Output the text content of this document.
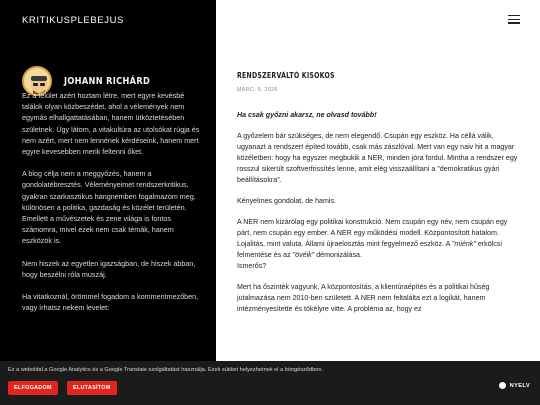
KRITIKUSPLEBEJUS
JOHANN RICHÁRD

Ez a felület azért hoztam létre, mert egyre kevésbé találok olyan közbeszédet, ahol a vélemények nem egymás elhallgattatásában, hanem ütköztetésében születnek. Úgy látom, a vitakultúra az utolsókat rúgja és nem azért, mert nem lennének kérdéseink, hanem mert egyre kevesebben merik feltenni őket.

A blog célja nem a meggyőzés, hanem a gondolatébresztés. Véleményeimet rendszerkritikus, gyakran szarkasztikus hangnemben fogalmazom meg, különösen a politika, gazdaság és közélet területén. Emellett a művészetek és zene világa is fontos számomra, mivel ezek nem csak témák, hanem eszközök is.

Nem hiszek az egyetlen igazságban, de hiszek abban, hogy beszélni róla muszáj.

Ha vitatkoznál, örömmel fogadom a kommentmezőben, vagy írhatsz nekem levelet:

RENDSZERVÁLTÓ KISOKOS
MÁRC. 5, 2026

Ha csak győzni akarsz, ne olvasd tovább!

A győzelem bár szükséges, de nem elegendő. Csupán egy eszköz. Ha céllá válik, ugyanazt a rendszert építed tovább, csak más zászlóval. Mert van egy naiv hit a magyar közéletben: hogy ha egyszer megbukik a NER, minden jóra fordul. Mintha a rendszer egy rosszul sikerült szoftverfrissítés lenne, amit elég visszaállítani a "demokratikus gyári beállításokra".

Kényelmes gondolat, de hamis.

A NER nem kizárólag egy politikai konstrukció. Nem csupán egy név, nem csupán egy párt, nem csupán egy ember. A NER egy működési modell. Központosított hatalom. Lojalitás, mint valuta. Állami újraelosztás mint fegyelmező eszköz. A "miénk" erkölcsi felmentése és az "övéik" démonizálása.
Ismerős?

Mert ha őszinték vagyunk, A központosítás, a klientúraépítés és a politikai hűség jutalmazása nem 2010-ben született. A NER nem feltalálta ezt a logikát, hanem intézményesítette és tökélyre vitte. A probléma az, hogy ez

Ez a weboldal a Google Analytics és a Google Translate szolgáltatást használja. Ezek sütiket helyezhetnek el a böngésződben.
ELFOGADOM	ELUTASÍTOM	NYELV
